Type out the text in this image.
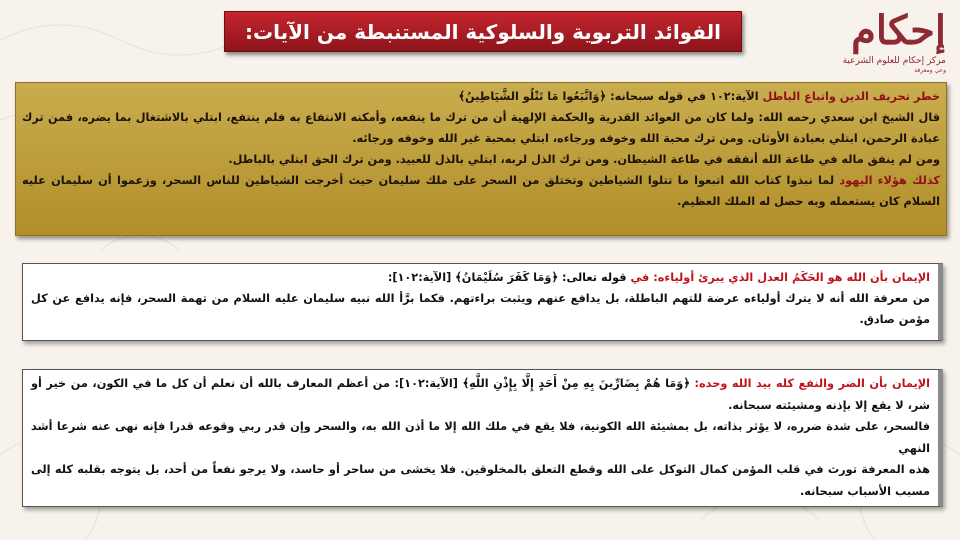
الفوائد التربوية والسلوكية المستنبطة من الآيات:	إحكام
مركز إحكام للعلوم الشرعية
وعي ومعرفة

خطر تحريف الدين واتباع الباطل الآية:١٠٢ في قوله سبحانه: ﴿وَاتَّبَعُوا مَا تَتْلُو الشَّيَاطِينُ﴾

قال الشيخ ابن سعدي رحمه الله: ولما كان من العوائد القدرية والحكمة الإلهية أن من ترك ما ينفعه، وأمكنه الانتفاع به فلم ينتفع، ابتلي بالاشتغال بما يضره، فمن ترك عبادة الرحمن، ابتلي بعبادة الأوثان. ومن ترك محبة الله وخوفه ورجاءه، ابتلي بمحبة غير الله وخوفه ورجائه.

ومن لم ينفق ماله في طاعة الله أنفقه في طاعة الشيطان. ومن ترك الذل لربه، ابتلي بالذل للعبيد. ومن ترك الحق ابتلي بالباطل.

كذلك هؤلاء اليهود لما نبذوا كتاب الله اتبعوا ما تتلوا الشياطين وتختلق من السحر على ملك سليمان حيث أخرجت الشياطين للناس السحر، وزعموا أن سليمان عليه السلام كان يستعمله وبه حصل له الملك العظيم.

الإيمان بأن الله هو الحَكَمُ العدل الذي يبرئ أولياءه: في قوله تعالى: ﴿وَمَا كَفَرَ سُلَيْمَانُ﴾ [الآية:١٠٢]:

من معرفة الله أنه لا يترك أولياءه عرضة للتهم الباطلة، بل يدافع عنهم ويثبت براءتهم. فكما برَّأ الله نبيه سليمان عليه السلام من تهمة السحر، فإنه يدافع عن كل مؤمن صادق.

الإيمان بأن الضر والنفع كله بيد الله وحده: ﴿وَمَا هُمْ بِضَارِّينَ بِهِ مِنْ أَحَدٍ إِلَّا بِإِذْنِ اللَّهِ﴾ [الآية:١٠٢]: من أعظم المعارف بالله أن نعلم أن كل ما في الكون، من خير أو شر، لا يقع إلا بإذنه ومشيئته سبحانه.

فالسحر، على شدة ضرره، لا يؤثر بذاته، بل بمشيئة الله الكونية، فلا يقع في ملك الله إلا ما أذن الله به، والسحر وإن قدر ربي وقوعه قدرا فإنه نهى عنه شرعا أشد النهي

هذه المعرفة تورث في قلب المؤمن كمال التوكل على الله وقطع التعلق بالمخلوقين. فلا يخشى من ساحر أو حاسد، ولا يرجو نفعاً من أحد، بل يتوجه بقلبه كله إلى مسبب الأسباب سبحانه.
